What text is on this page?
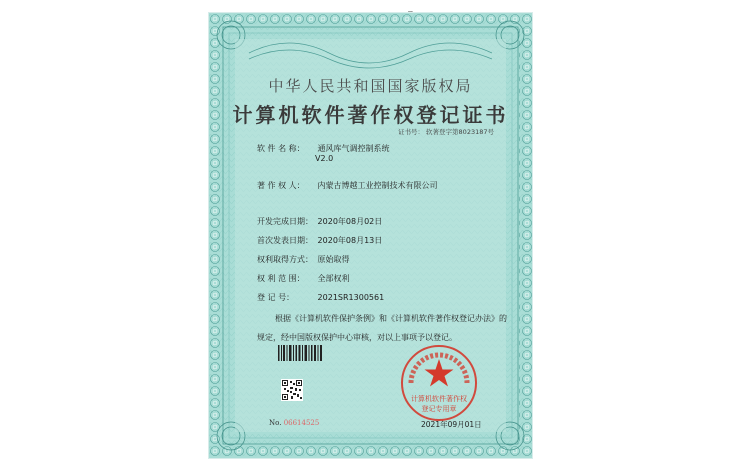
中华人民共和国国家版权局
计算机软件著作权登记证书
证书号： 软著登字第8023187号
软 件 名 称： 通风库气调控制系统
V2.0
著 作 权 人： 内蒙古博越工业控制技术有限公司
开发完成日期： 2020年08月02日
首次发表日期： 2020年08月13日
权利取得方式： 原始取得
权 利 范 围： 全部权利
登 记 号：	2021SR1300561
根据《计算机软件保护条例》和《计算机软件著作权登记办法》的
规定，经中国版权保护中心审核，对以上事项予以登记。
No. 06614525	2021年09月01日
计算机软件著作权
登记专用章
